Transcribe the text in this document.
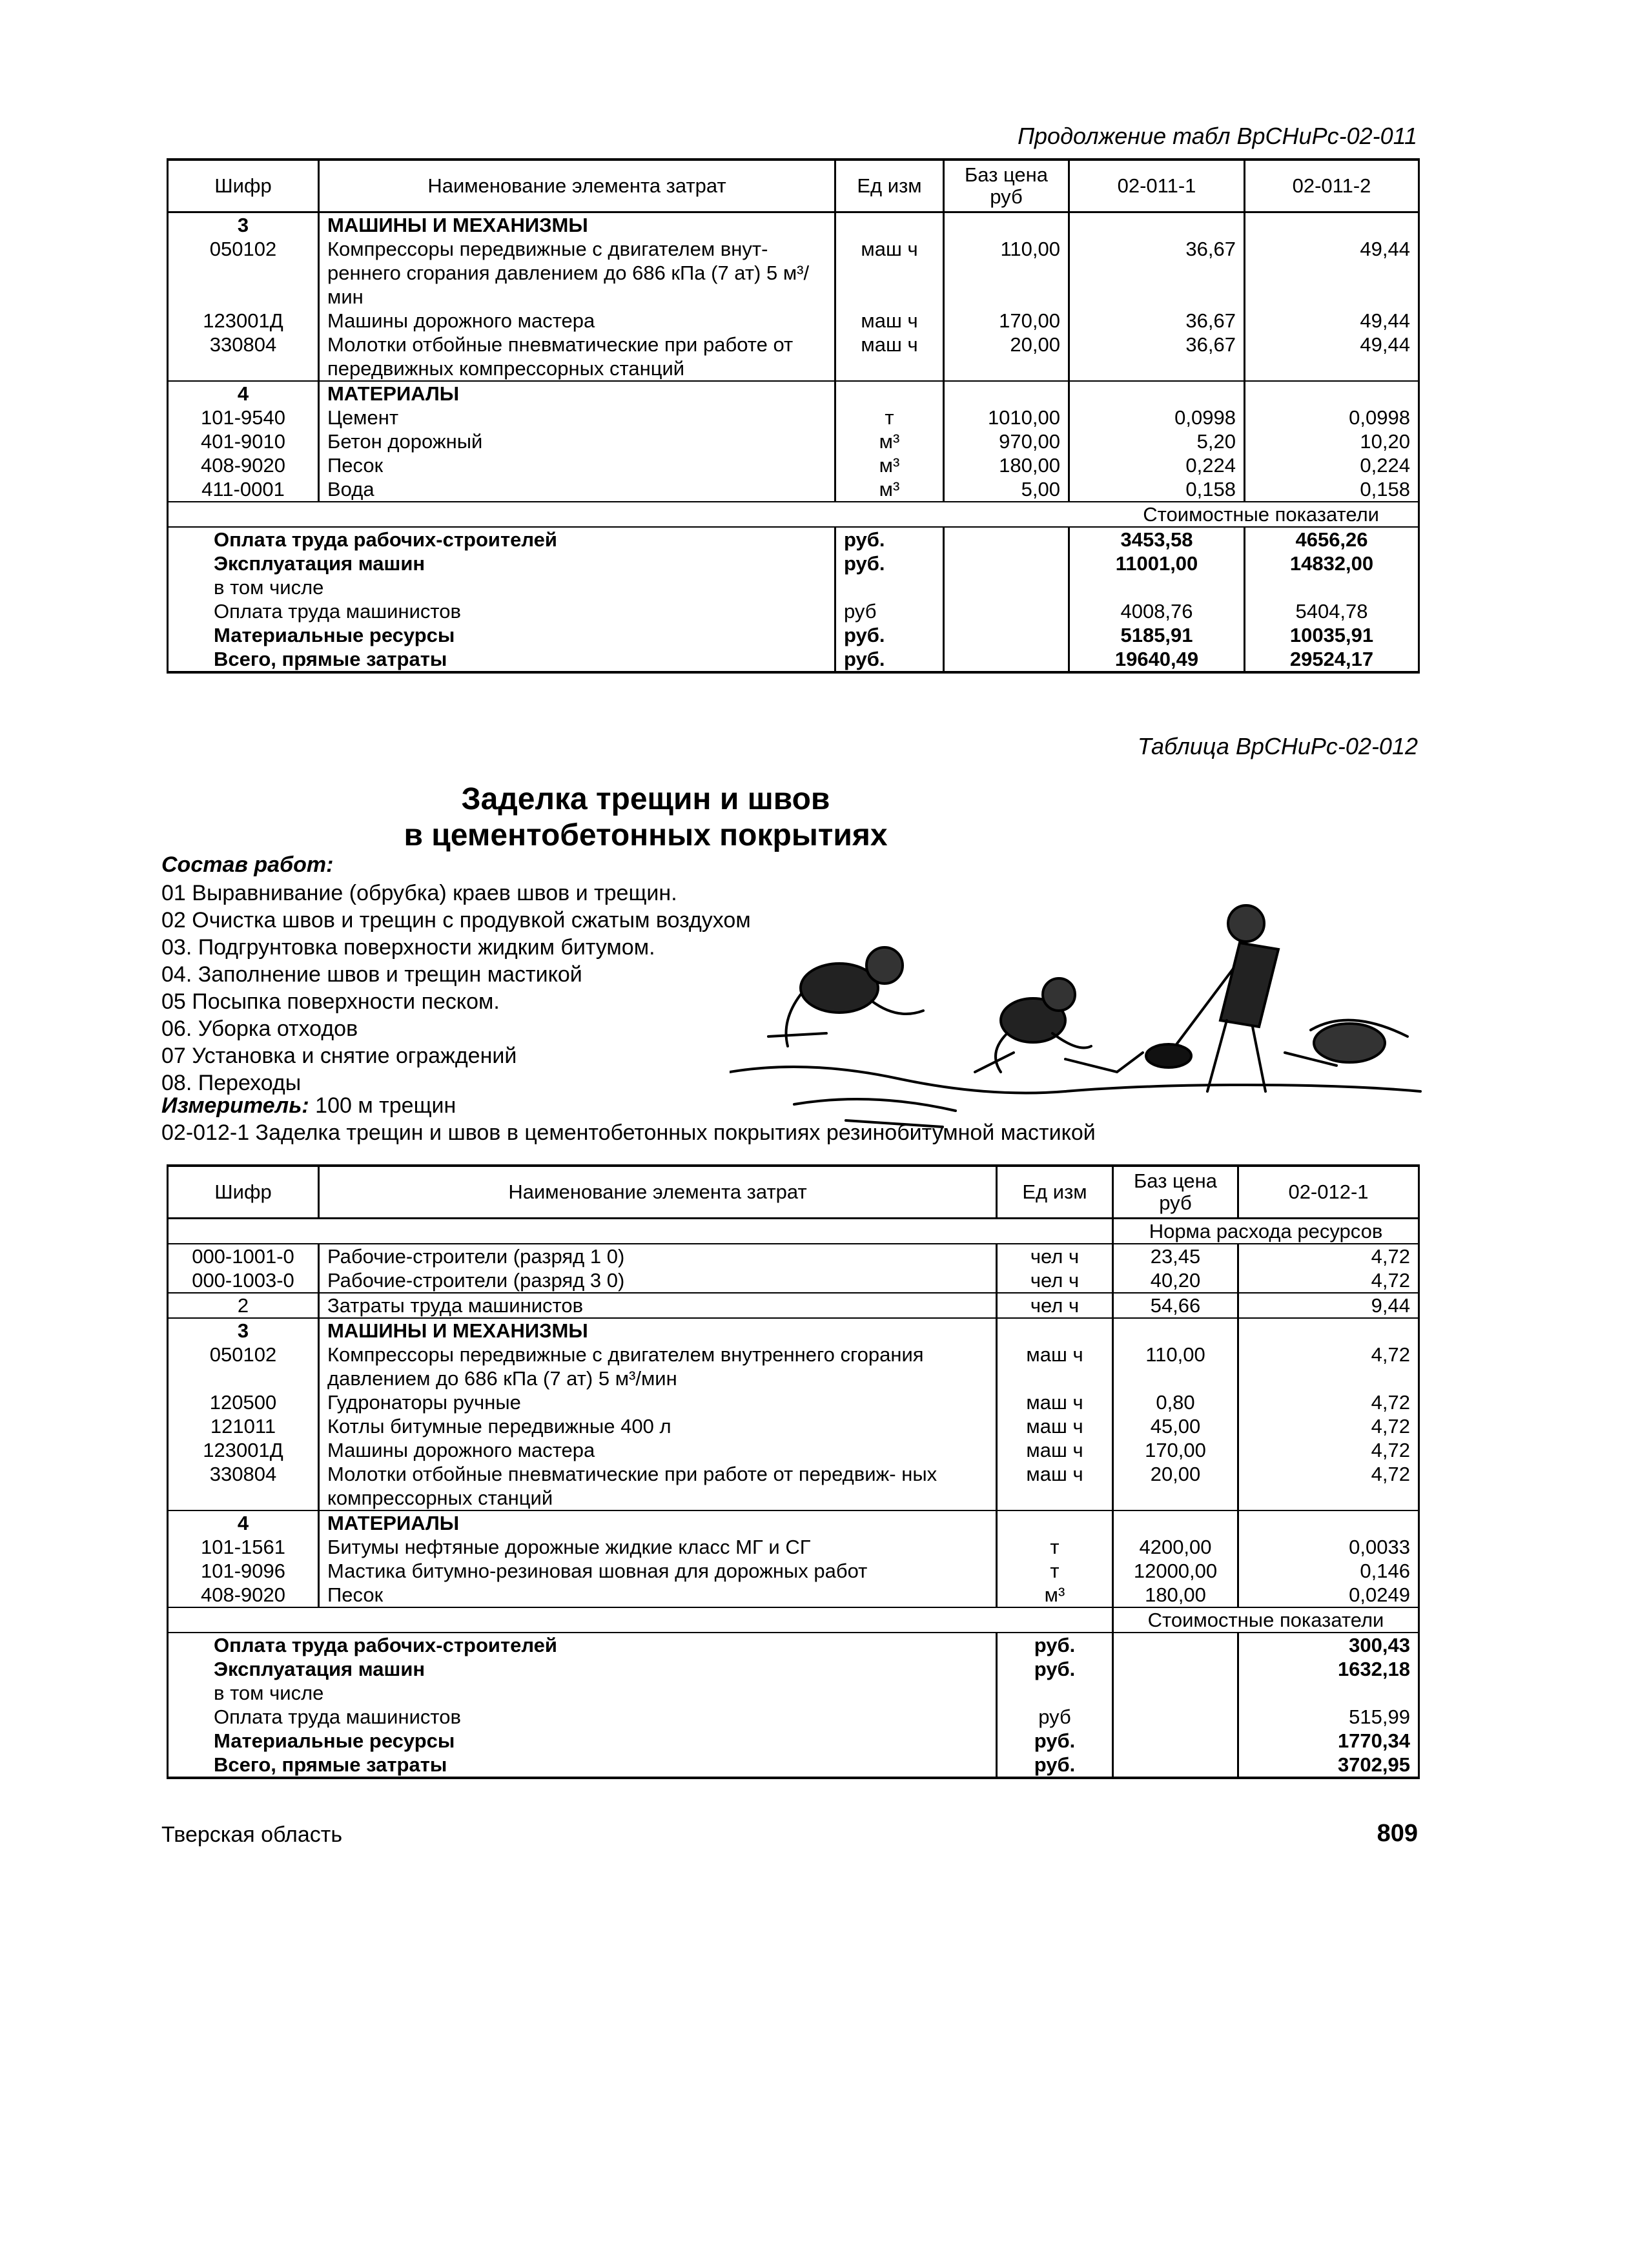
Продолжение табл ВрСНиРс-02-011
Шифр	Наименование элемента затрат	Ед изм	Баз цена руб	02-011-1	02-011-2
3	МАШИНЫ И МЕХАНИЗМЫ				
050102	Компрессоры передвижные с двигателем внут- реннего сгорания давлением до 686 кПа (7 ат) 5 м³/мин	маш ч	110,00	36,67	49,44
123001Д	Машины дорожного мастера	маш ч	170,00	36,67	49,44
330804	Молотки отбойные пневматические при работе от передвижных компрессорных станций	маш ч	20,00	36,67	49,44
4	МАТЕРИАЛЫ				
101-9540	Цемент	т	1010,00	0,0998	0,0998
401-9010	Бетон дорожный	м³	970,00	5,20	10,20
408-9020	Песок	м³	180,00	0,224	0,224
411-0001	Вода	м³	5,00	0,158	0,158
Стоимостные показатели					
Оплата труда рабочих-строителей		руб.		3453,58	4656,26
Эксплуатация машин		руб.		11001,00	14832,00
в том числе					
Оплата труда машинистов		руб		4008,76	5404,78
Материальные ресурсы		руб.		5185,91	10035,91
Всего, прямые затраты		руб.		19640,49	29524,17
Таблица ВрСНиРс-02-012
Заделка трещин и швов
в цементобетонных покрытиях
Состав работ:
01 Выравнивание (обрубка) краев швов и трещин.
02 Очистка швов и трещин с продувкой сжатым воздухом
03. Подгрунтовка поверхности жидким битумом.
04. Заполнение швов и трещин мастикой
05 Посыпка поверхности песком.
06. Уборка отходов
07 Установка и снятие ограждений
08. Переходы
Измеритель: 100 м трещин
02-012-1 Заделка трещин и швов в цементобетонных покрытиях резинобитумной мастикой
Шифр	Наименование элемента затрат	Ед изм	Баз цена руб	02-012-1
			Норма расхода ресурсов	
000-1001-0	Рабочие-строители (разряд 1 0)	чел ч	23,45	4,72
000-1003-0	Рабочие-строители (разряд 3 0)	чел ч	40,20	4,72
2	Затраты труда машинистов	чел ч	54,66	9,44
3	МАШИНЫ И МЕХАНИЗМЫ			
050102	Компрессоры передвижные с двигателем внутреннего сгорания давлением до 686 кПа (7 ат) 5 м³/мин	маш ч	110,00	4,72
120500	Гудронаторы ручные	маш ч	0,80	4,72
121011	Котлы битумные передвижные 400 л	маш ч	45,00	4,72
123001Д	Машины дорожного мастера	маш ч	170,00	4,72
330804	Молотки отбойные пневматические при работе от передвиж- ных компрессорных станций	маш ч	20,00	4,72
4	МАТЕРИАЛЫ			
101-1561	Битумы нефтяные дорожные жидкие класс МГ и СГ	т	4200,00	0,0033
101-9096	Мастика битумно-резиновая шовная для дорожных работ	т	12000,00	0,146
408-9020	Песок	м³	180,00	0,0249
			Стоимостные показатели	
Оплата труда рабочих-строителей		руб.		300,43
Эксплуатация машин		руб.		1632,18
в том числе				
Оплата труда машинистов		руб		515,99
Материальные ресурсы		руб.		1770,34
Всего, прямые затраты		руб.		3702,95
Тверская область	809
